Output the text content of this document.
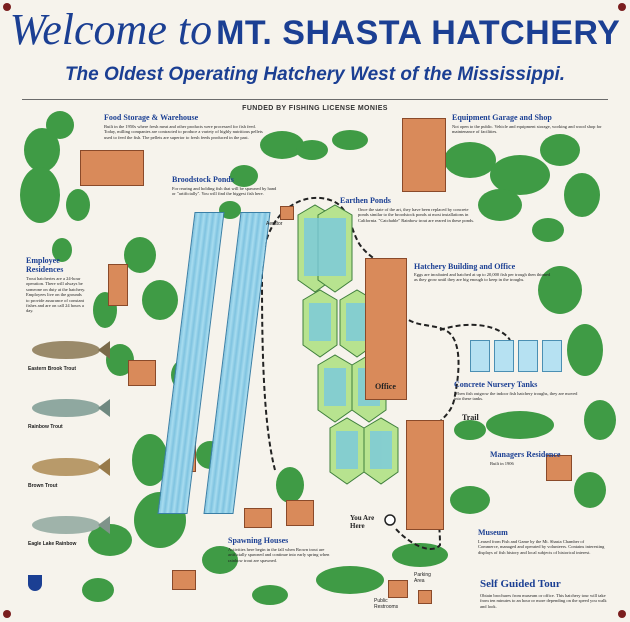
Welcome to MT. SHASTA HATCHERY
The Oldest Operating Hatchery West of the Mississippi.
FUNDED BY FISHING LICENSE MONIES
Eastern Brook Trout
Rainbow Trout
Brown Trout
Eagle Lake Rainbow
Food Storage & Warehouse
Built in the 1950s where fresh meat and other products were processed for fish feed. Today, milling companies are contracted to produce a variety of highly nutritious pellets used to feed the fish. The pellets are superior to fresh feeds produced in the past.
Equipment Garage and Shop
Not open to the public. Vehicle and equipment storage, working and wood shop for maintenance of facilities.
Broodstock Ponds
For rearing and holding fish that will be spawned by hand or "artificially". You will find the biggest fish here.
Earthen Ponds
Once the state of the art, they have been replaced by concrete ponds similar to the broodstock ponds at most installations in California. "Catchable" Rainbow trout are reared in these ponds.
Aerator
Hatchery Building and Office
Eggs are incubated and hatched at up to 20,000 fish per trough then thinned as they grow until they are big enough to keep in the troughs.
Office
Employee Residences
Trout hatcheries are a 24-hour operation. There will always be someone on duty at the hatchery. Employees live on the grounds to provide assurance of constant fishes and are on call 24 hours a day.
Concrete Nursery Tanks
When fish outgrow the indoor fish hatchery troughs, they are moved into these tanks.
Trail
Managers Residence
Built in 1906
Spawning Houses
Activities here begin in the fall when Brown trout are artificially spawned and continue into early spring when rainbow trout are spawned.
You Are Here
Museum
Leased from Fish and Game by the Mt. Shasta Chamber of Commerce, managed and operated by volunteers. Contains interesting displays of fish history and local subjects of historical interest.
Parking Area
Public Restrooms
Self Guided Tour
Obtain brochures from museum or office. This hatchery tour will take from ten minutes to an hour or more depending on the speed you walk and look.
